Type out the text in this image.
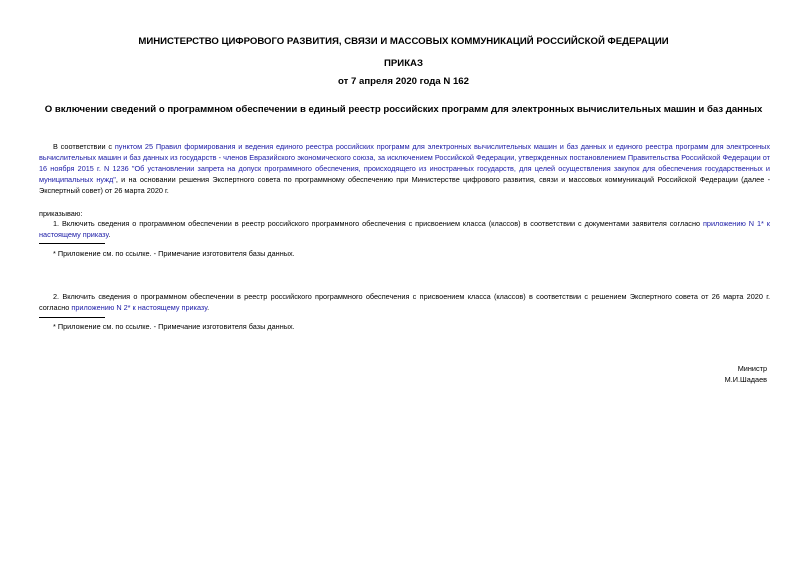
МИНИСТЕРСТВО ЦИФРОВОГО РАЗВИТИЯ, СВЯЗИ И МАССОВЫХ КОММУНИКАЦИЙ РОССИЙСКОЙ ФЕДЕРАЦИИ

ПРИКАЗ

от 7 апреля 2020 года N 162

О включении сведений о программном обеспечении в единый реестр российских программ для электронных вычислительных машин и баз данных

В соответствии с пунктом 25 Правил формирования и ведения единого реестра российских программ для электронных вычислительных машин и баз данных и единого реестра программ для электронных вычислительных машин и баз данных из государств - членов Евразийского экономического союза, за исключением Российской Федерации, утвержденных постановлением Правительства Российской Федерации от 16 ноября 2015 г. N 1236 "Об установлении запрета на допуск программного обеспечения, происходящего из иностранных государств, для целей осуществления закупок для обеспечения государственных и муниципальных нужд", и на основании решения Экспертного совета по программному обеспечению при Министерстве цифрового развития, связи и массовых коммуникаций Российской Федерации (далее - Экспертный совет) от 26 марта 2020 г.

приказываю:

1. Включить сведения о программном обеспечении в реестр российского программного обеспечения с присвоением класса (классов) в соответствии с документами заявителя согласно приложению N 1* к настоящему приказу.

* Приложение см. по ссылке. - Примечание изготовителя базы данных.

2. Включить сведения о программном обеспечении в реестр российского программного обеспечения с присвоением класса (классов) в соответствии с решением Экспертного совета от 26 марта 2020 г. согласно приложению N 2* к настоящему приказу.

* Приложение см. по ссылке. - Примечание изготовителя базы данных.

Министр

М.И.Шадаев
